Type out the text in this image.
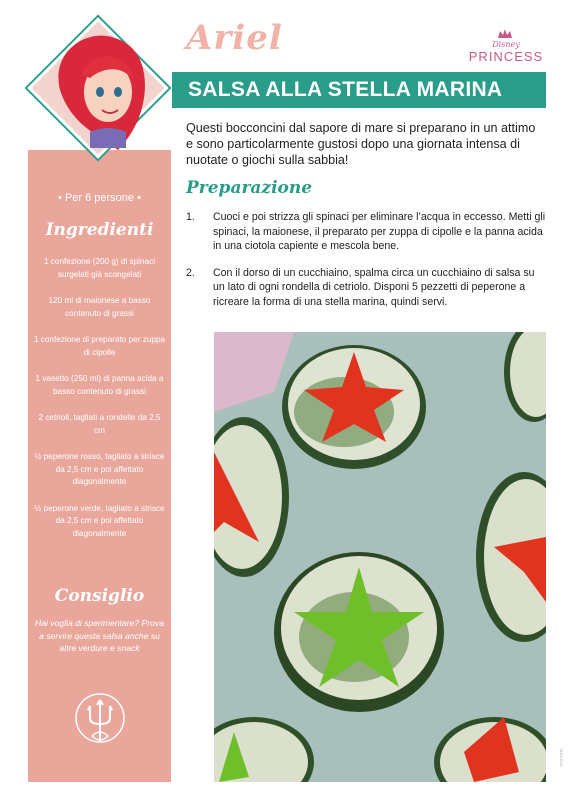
Ariel	Disney
PRINCESS
SALSA ALLA STELLA MARINA
• Per 6 persone •
Ingredienti
1 confezione (200 g) di spinaci surgelati già scongelati
120 ml di maionese a basso contenuto di grassi
1 confezione di preparato per zuppa di cipolle
1 vasetto (250 ml) di panna acida a basso contenuto di grassi
2 cetrioli, tagliati a rondelle da 2,5 cm
½ peperone rosso, tagliato a strisce da 2,5 cm e poi affettato diagonalmente
½ peperone verde, tagliato a strisce da 2,5 cm e poi affettato diagonalmente
Consiglio
Hai voglia di sperimentare? Prova a servire questa salsa anche su altre verdure e snack
Questi bocconcini dal sapore di mare si preparano in un attimo e sono particolarmente gustosi dopo una giornata intensa di nuotate o giochi sulla sabbia!
Preparazione
1.	Cuoci e poi strizza gli spinaci per eliminare l’acqua in eccesso. Metti gli spinaci, la maionese, il preparato per zuppa di cipolle e la panna acida in una ciotola capiente e mescola bene.
2.	Con il dorso di un cucchiaino, spalma circa un cucchiaino di salsa su un lato di ogni rondella di cetriolo. Disponi 5 pezzetti di peperone a ricreare la forma di una stella marina, quindi servi.
DISCOOK
